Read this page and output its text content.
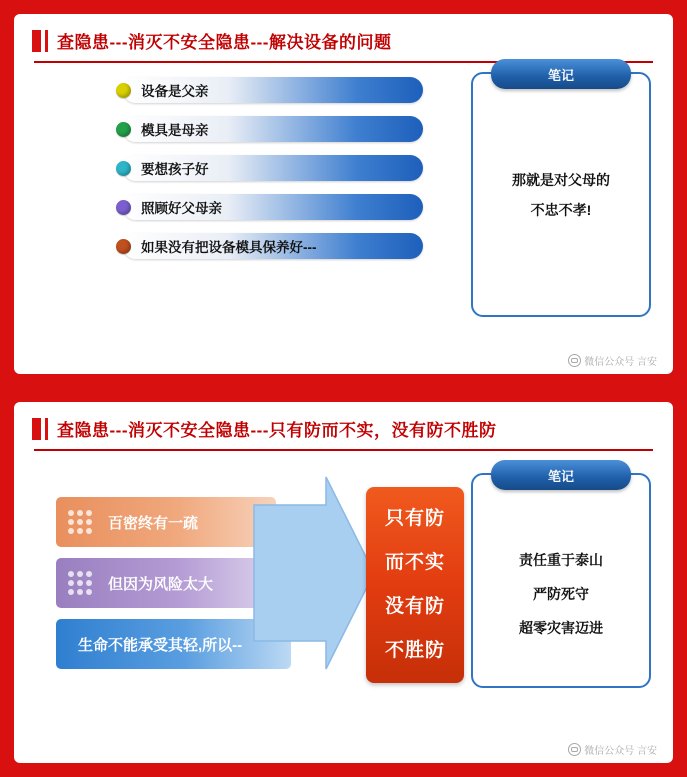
查隐患---消灭不安全隐患---解决设备的问题
设备是父亲
模具是母亲
要想孩子好
照顾好父母亲
如果没有把设备模具保养好---
笔记
那就是对父母的
不忠不孝!
微信公众号 言安
查隐患---消灭不安全隐患---只有防而不实，没有防不胜防
百密终有一疏
但因为风险太大
生命不能承受其轻,所以--
只有防
而不实
没有防
不胜防
笔记
责任重于泰山
严防死守
超零灾害迈进
微信公众号 言安
